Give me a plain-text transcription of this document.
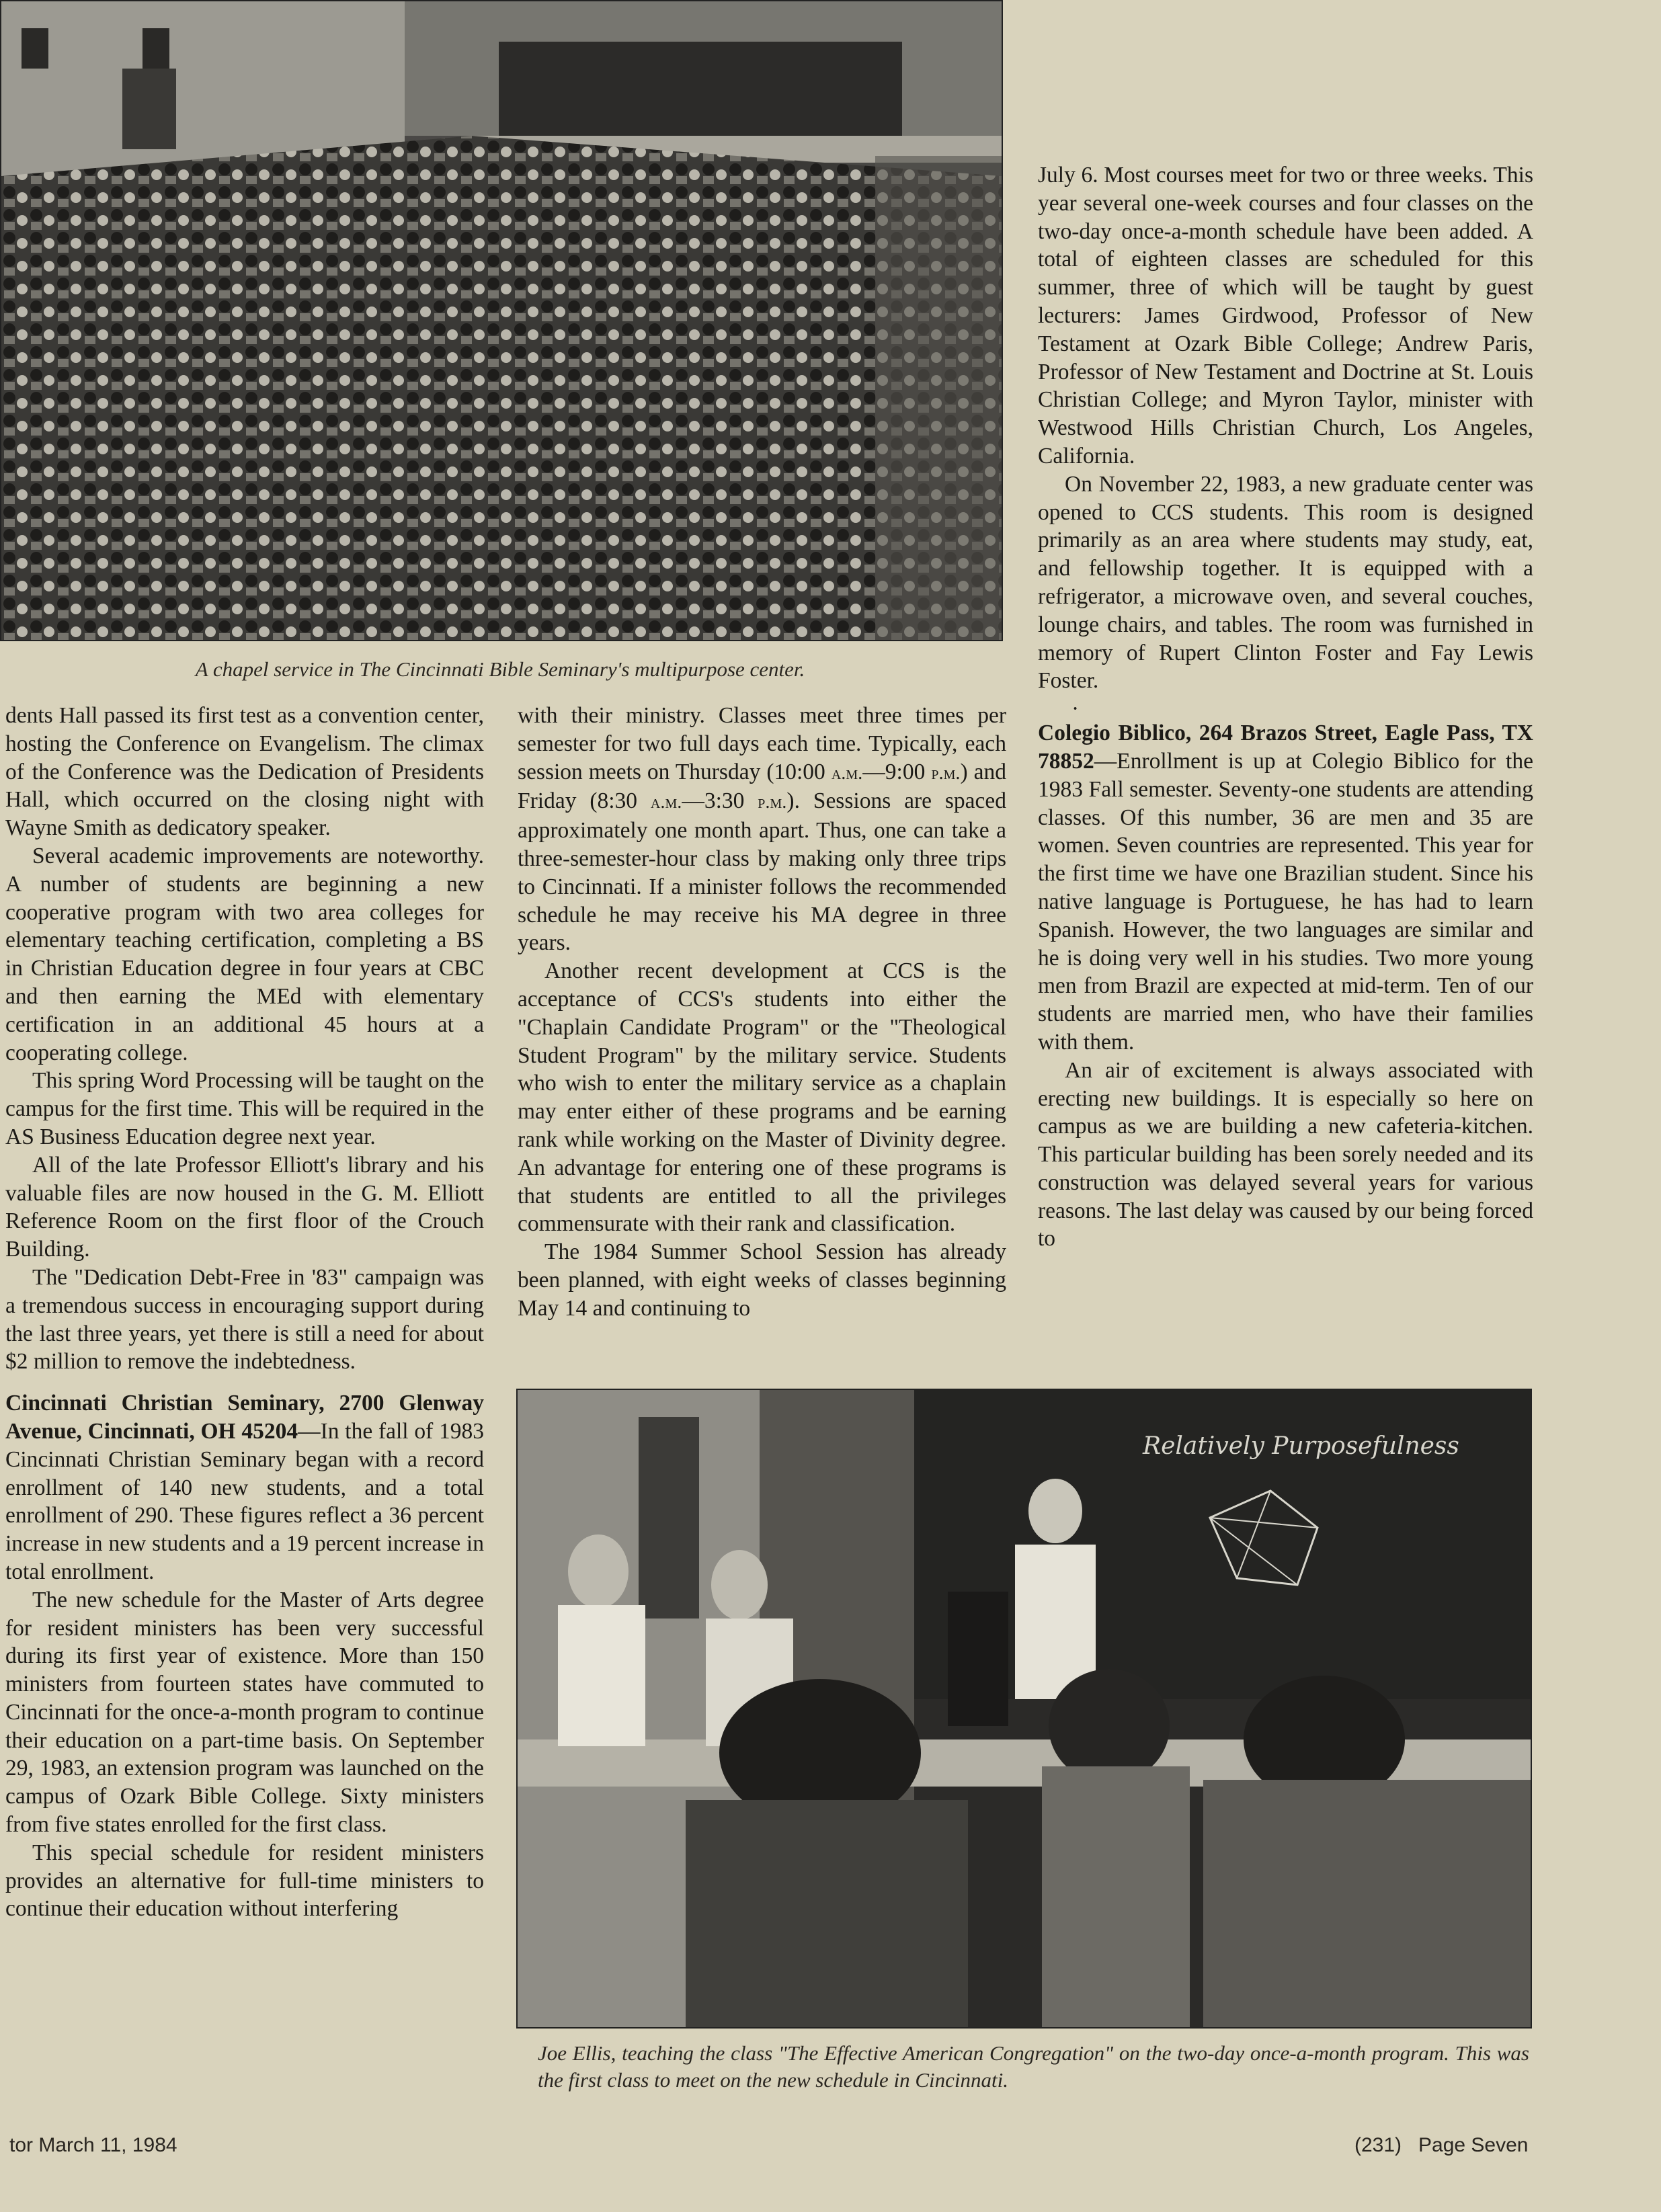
A chapel service in The Cincinnati Bible Seminary's multipurpose center.

dents Hall passed its first test as a convention center, hosting the Conference on Evangelism. The climax of the Conference was the Dedication of Presidents Hall, which occurred on the closing night with Wayne Smith as dedicatory speaker.

Several academic improvements are noteworthy. A number of students are beginning a new cooperative program with two area colleges for elementary teaching certification, completing a BS in Christian Education degree in four years at CBC and then earning the MEd with elementary certification in an additional 45 hours at a cooperating college.

This spring Word Processing will be taught on the campus for the first time. This will be required in the AS Business Education degree next year.

All of the late Professor Elliott's library and his valuable files are now housed in the G. M. Elliott Reference Room on the first floor of the Crouch Building.

The "Dedication Debt-Free in '83" campaign was a tremendous success in encouraging support during the last three years, yet there is still a need for about $2 million to remove the indebtedness.

Cincinnati Christian Seminary, 2700 Glenway Avenue, Cincinnati, OH 45204—In the fall of 1983 Cincinnati Christian Seminary began with a record enrollment of 140 new students, and a total enrollment of 290. These figures reflect a 36 percent increase in new students and a 19 percent increase in total enrollment.

The new schedule for the Master of Arts degree for resident ministers has been very successful during its first year of existence. More than 150 ministers from fourteen states have commuted to Cincinnati for the once-a-month program to continue their education on a part-time basis. On September 29, 1983, an extension program was launched on the campus of Ozark Bible College. Sixty ministers from five states enrolled for the first class.

This special schedule for resident ministers provides an alternative for full-time ministers to continue their education without interfering

with their ministry. Classes meet three times per semester for two full days each time. Typically, each session meets on Thursday (10:00 a.m.—9:00 p.m.) and Friday (8:30 a.m.—3:30 p.m.). Sessions are spaced approximately one month apart. Thus, one can take a three-semester-hour class by making only three trips to Cincinnati. If a minister follows the recommended schedule he may receive his MA degree in three years.

Another recent development at CCS is the acceptance of CCS's students into either the "Chaplain Candidate Program" or the "Theological Student Program" by the military service. Students who wish to enter the military service as a chaplain may enter either of these programs and be earning rank while working on the Master of Divinity degree. An advantage for entering one of these programs is that students are entitled to all the privileges commensurate with their rank and classification.

The 1984 Summer School Session has already been planned, with eight weeks of classes beginning May 14 and continuing to

July 6. Most courses meet for two or three weeks. This year several one-week courses and four classes on the two-day once-a-month schedule have been added. A total of eighteen classes are scheduled for this summer, three of which will be taught by guest lecturers: James Girdwood, Professor of New Testament at Ozark Bible College; Andrew Paris, Professor of New Testament and Doctrine at St. Louis Christian College; and Myron Taylor, minister with Westwood Hills Christian Church, Los Angeles, California.

On November 22, 1983, a new graduate center was opened to CCS students. This room is designed primarily as an area where students may study, eat, and fellowship together. It is equipped with a refrigerator, a microwave oven, and several couches, lounge chairs, and tables. The room was furnished in memory of Rupert Clinton Foster and Fay Lewis Foster.

·

Colegio Biblico, 264 Brazos Street, Eagle Pass, TX 78852—Enrollment is up at Colegio Biblico for the 1983 Fall semester. Seventy-one students are attending classes. Of this number, 36 are men and 35 are women. Seven countries are represented. This year for the first time we have one Brazilian student. Since his native language is Portuguese, he has had to learn Spanish. However, the two languages are similar and he is doing very well in his studies. Two more young men from Brazil are expected at mid-term. Ten of our students are married men, who have their families with them.

An air of excitement is always associated with erecting new buildings. It is especially so here on campus as we are building a new cafeteria-kitchen. This particular building has been sorely needed and its construction was delayed several years for various reasons. The last delay was caused by our being forced to

Relatively Purposefulness
Joe Ellis, teaching the class "The Effective American Congregation" on the two-day once-a-month program. This was the first class to meet on the new schedule in Cincinnati.
tor March 11, 1984	(231) Page Seven
